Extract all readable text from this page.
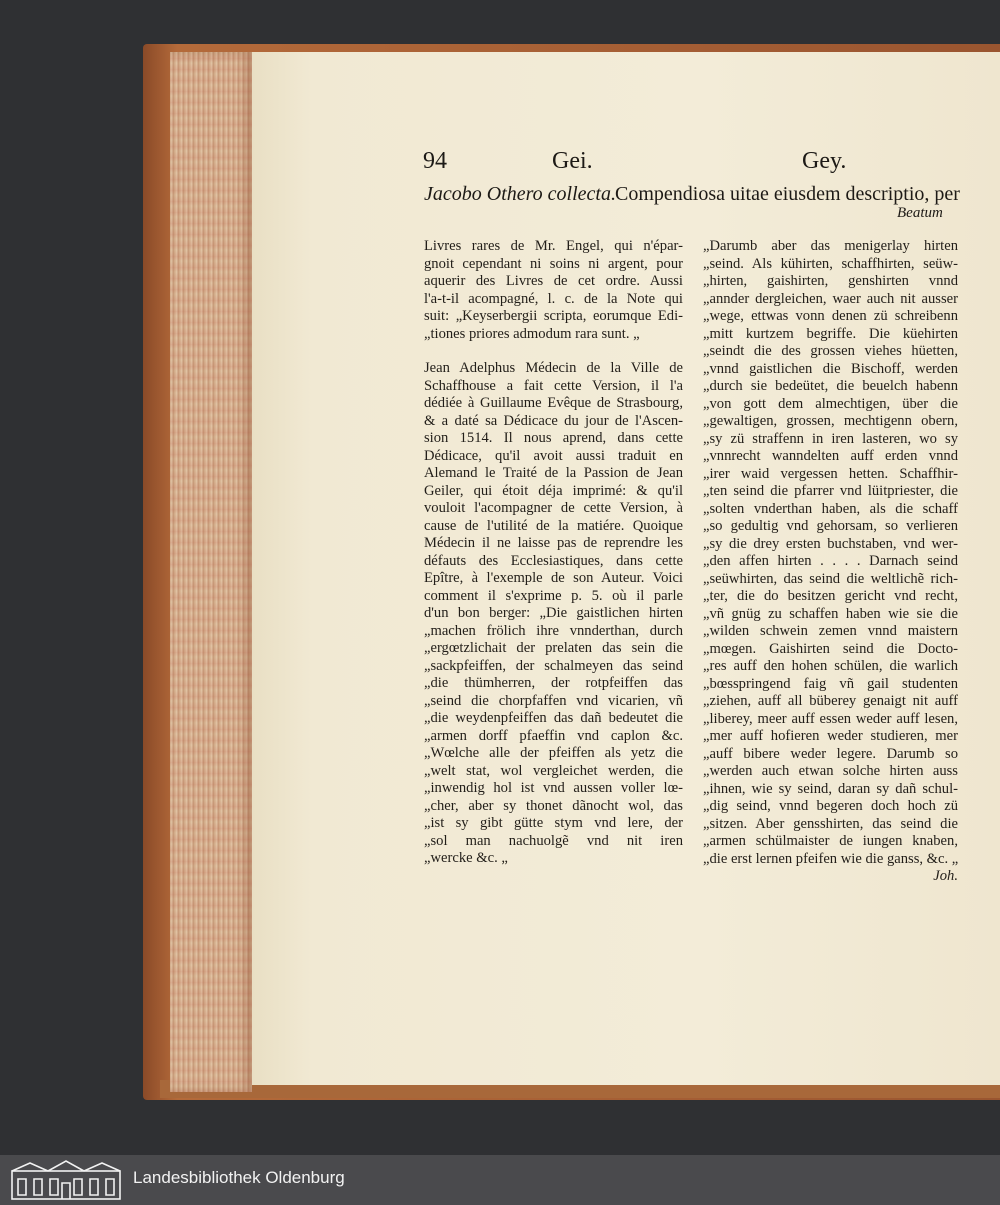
94	Gei.	Gey.
Jacobo Othero collecta. Compendiosa uitae eiusdem descriptio, per
Beatum
Livres rares de Mr. Engel, qui n'épar-
gnoit cependant ni soins ni argent, pour
aquerir des Livres de cet ordre. Aussi
l'a-t-il acompagné, l. c. de la Note qui
suit: „Keyserbergii scripta, eorumque Edi-
„tiones priores admodum rara sunt. „
Jean Adelphus Médecin de la Ville de
Schaffhouse a fait cette Version, il l'a
dédiée à Guillaume Evêque de Strasbourg,
& a daté sa Dédicace du jour de l'Ascen-
sion 1514. Il nous aprend, dans cette
Dédicace, qu'il avoit aussi traduit en
Alemand le Traité de la Passion de Jean
Geiler, qui étoit déja imprimé: & qu'il
vouloit l'acompagner de cette Version, à
cause de l'utilité de la matiére. Quoique
Médecin il ne laisse pas de reprendre les
défauts des Ecclesiastiques, dans cette
Epître, à l'exemple de son Auteur. Voici
comment il s'exprime p. 5. où il parle
d'un bon berger: „Die gaistlichen hirten
„machen frölich ihre vnnderthan, durch
„ergœtzlichait der prelaten das sein die
„sackpfeiffen, der schalmeyen das seind
„die thümherren, der rotpfeiffen das
„seind die chorpfaffen vnd vicarien, vñ
„die weydenpfeiffen das dañ bedeutet die
„armen dorff pfaeffin vnd caplon &c.
„Wœlche alle der pfeiffen als yetz die
„welt stat, wol vergleichet werden, die
„inwendig hol ist vnd aussen voller lœ-
„cher, aber sy thonet dãnocht wol, das
„ist sy gibt gütte stym vnd lere, der
„sol man nachuolgẽ vnd nit iren
„wercke &c. „
„Darumb aber das menigerlay hirten
„seind. Als kühirten, schaffhirten, seüw-
„hirten, gaishirten, genshirten vnnd
„annder dergleichen, waer auch nit ausser
„wege, ettwas vonn denen zü schreibenn
„mitt kurtzem begriffe. Die küehirten
„seindt die des grossen viehes hüetten,
„vnnd gaistlichen die Bischoff, werden
„durch sie bedeütet, die beuelch habenn
„von gott dem almechtigen, über die
„gewaltigen, grossen, mechtigenn obern,
„sy zü straffenn in iren lasteren, wo sy
„vnnrecht wanndelten auff erden vnnd
„irer waid vergessen hetten. Schaffhir-
„ten seind die pfarrer vnd lüitpriester, die
„solten vnderthan haben, als die schaff
„so gedultig vnd gehorsam, so verlieren
„sy die drey ersten buchstaben, vnd wer-
„den affen hirten . . . . Darnach seind
„seüwhirten, das seind die weltlichẽ rich-
„ter, die do besitzen gericht vnd recht,
„vñ gnüg zu schaffen haben wie sie die
„wilden schwein zemen vnnd maistern
„mœgen. Gaishirten seind die Docto-
„res auff den hohen schülen, die warlich
„bœsspringend faig vñ gail studenten
„ziehen, auff all büberey genaigt nit auff
„liberey, meer auff essen weder auff lesen,
„mer auff hofieren weder studieren, mer
„auff bibere weder legere. Darumb so
„werden auch etwan solche hirten auss
„ihnen, wie sy seind, daran sy dañ schul-
„dig seind, vnnd begeren doch hoch zü
„sitzen. Aber gensshirten, das seind die
„armen schülmaister de iungen knaben,
„die erst lernen pfeifen wie die ganss, &c. „
Joh.
Landesbibliothek Oldenburg
